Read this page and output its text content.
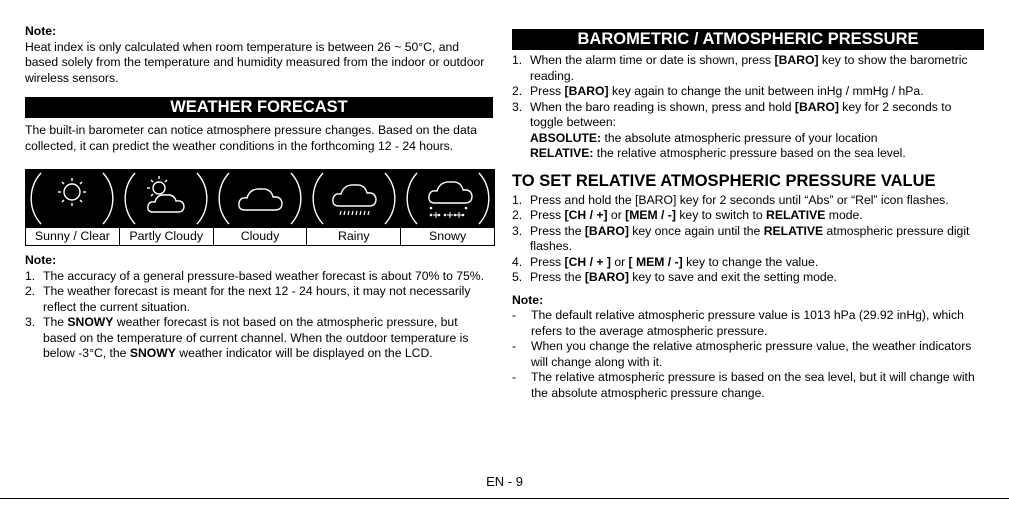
Note:

Heat index is only calculated when room temperature is between 26 ~ 50°C, and based solely from the temperature and humidity measured from the indoor or outdoor wireless sensors.

WEATHER FORECAST

The built-in barometer can notice atmosphere pressure changes. Based on the data collected, it can predict the weather conditions in the forthcoming 12 - 24 hours.

Sunny / Clear	Partly Cloudy	Cloudy	Rainy	Snowy

Note:

1. The accuracy of a general pressure-based weather forecast is about 70% to 75%.
2. The weather forecast is meant for the next 12 - 24 hours, it may not necessarily reflect the current situation.
3. The SNOWY weather forecast is not based on the atmospheric pressure, but based on the temperature of current channel. When the outdoor temperature is below -3°C, the SNOWY weather indicator will be displayed on the LCD.
BAROMETRIC / ATMOSPHERIC PRESSURE
1. When the alarm time or date is shown, press [BARO] key to show the barometric reading.
2. Press [BARO] key again to change the unit between inHg / mmHg / hPa.
3. When the baro reading is shown, press and hold [BARO] key for 2 seconds to toggle between:
ABSOLUTE: the absolute atmospheric pressure of your location
RELATIVE: the relative atmospheric pressure based on the sea level.
TO SET RELATIVE ATMOSPHERIC PRESSURE VALUE
1. Press and hold the [BARO] key for 2 seconds until “Abs” or “Rel” icon flashes.
2. Press [CH / +] or [MEM / -] key to switch to RELATIVE mode.
3. Press the [BARO] key once again until the RELATIVE atmospheric pressure digit flashes.
4. Press [CH / + ] or [ MEM / -] key to change the value.
5. Press the [BARO] key to save and exit the setting mode.

Note:

- The default relative atmospheric pressure value is 1013 hPa (29.92 inHg), which refers to the average atmospheric pressure.
- When you change the relative atmospheric pressure value, the weather indicators will change along with it.
- The relative atmospheric pressure is based on the sea level, but it will change with the absolute atmospheric pressure change.
EN - 9
